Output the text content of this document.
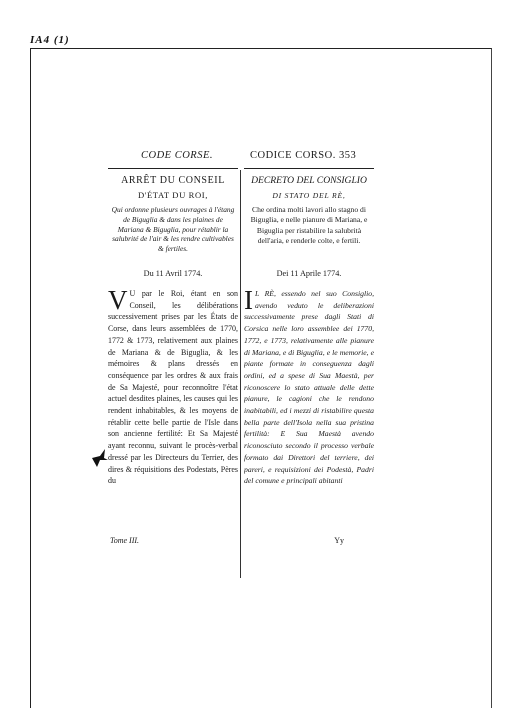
IA4 (1)
CODE CORSE.
ARRÊT DU CONSEIL
D'ÉTAT DU ROI,
Qui ordonne plusieurs ouvrages à l'étang de Biguglia & dans les plaines de Mariana & Biguglia, pour rétablir la salubrité de l'air & les rendre cultivables & fertiles.
Du 11 Avril 1774.
V U par le Roi, étant en son Conseil, les délibérations successivement prises par les États de Corse, dans leurs assemblées de 1770, 1772 & 1773, relativement aux plaines de Mariana & de Biguglia, & les mémoires & plans dressés en conséquence par les ordres & aux frais de Sa Majesté, pour reconnoître l'état actuel desdites plaines, les causes qui les rendent inhabitables, & les moyens de rétablir cette belle partie de l'Isle dans son ancienne fertilité: Et Sa Majesté ayant reconnu, suivant le procès-verbal dressé par les Directeurs du Terrier, des dires & réquisitions des Podestats, Pères du
Tome III.
CODICE CORSO. 353
DECRETO DEL CONSIGLIO
DI STATO DEL RÈ,
Che ordina molti lavori allo stagno di Biguglia, e nelle pianure di Mariana, e Biguglia per ristabilire la salubrità dell'aria, e renderle colte, e fertili.
Dei 11 Aprile 1774.
I L RÈ, essendo nel suo Consiglio, avendo veduto le deliberazioni successivamente prese dagli Stati di Corsica nelle loro assemblee dei 1770, 1772, e 1773, relativamente alle pianure di Mariana, e di Biguglia, e le memorie, e piante formate in conseguenza dagli ordini, ed a spese di Sua Maestà, per riconoscere lo stato attuale delle dette pianure, le cagioni che le rendono inabitabili, ed i mezzi di ristabilire questa bella parte dell'Isola nella sua pristina fertilità: E Sua Maestà avendo riconosciuto secondo il processo verbale formato dai Direttori del terriere, dei pareri, e requisizioni dei Podestà, Padri del comune e principali abitanti
Yy
